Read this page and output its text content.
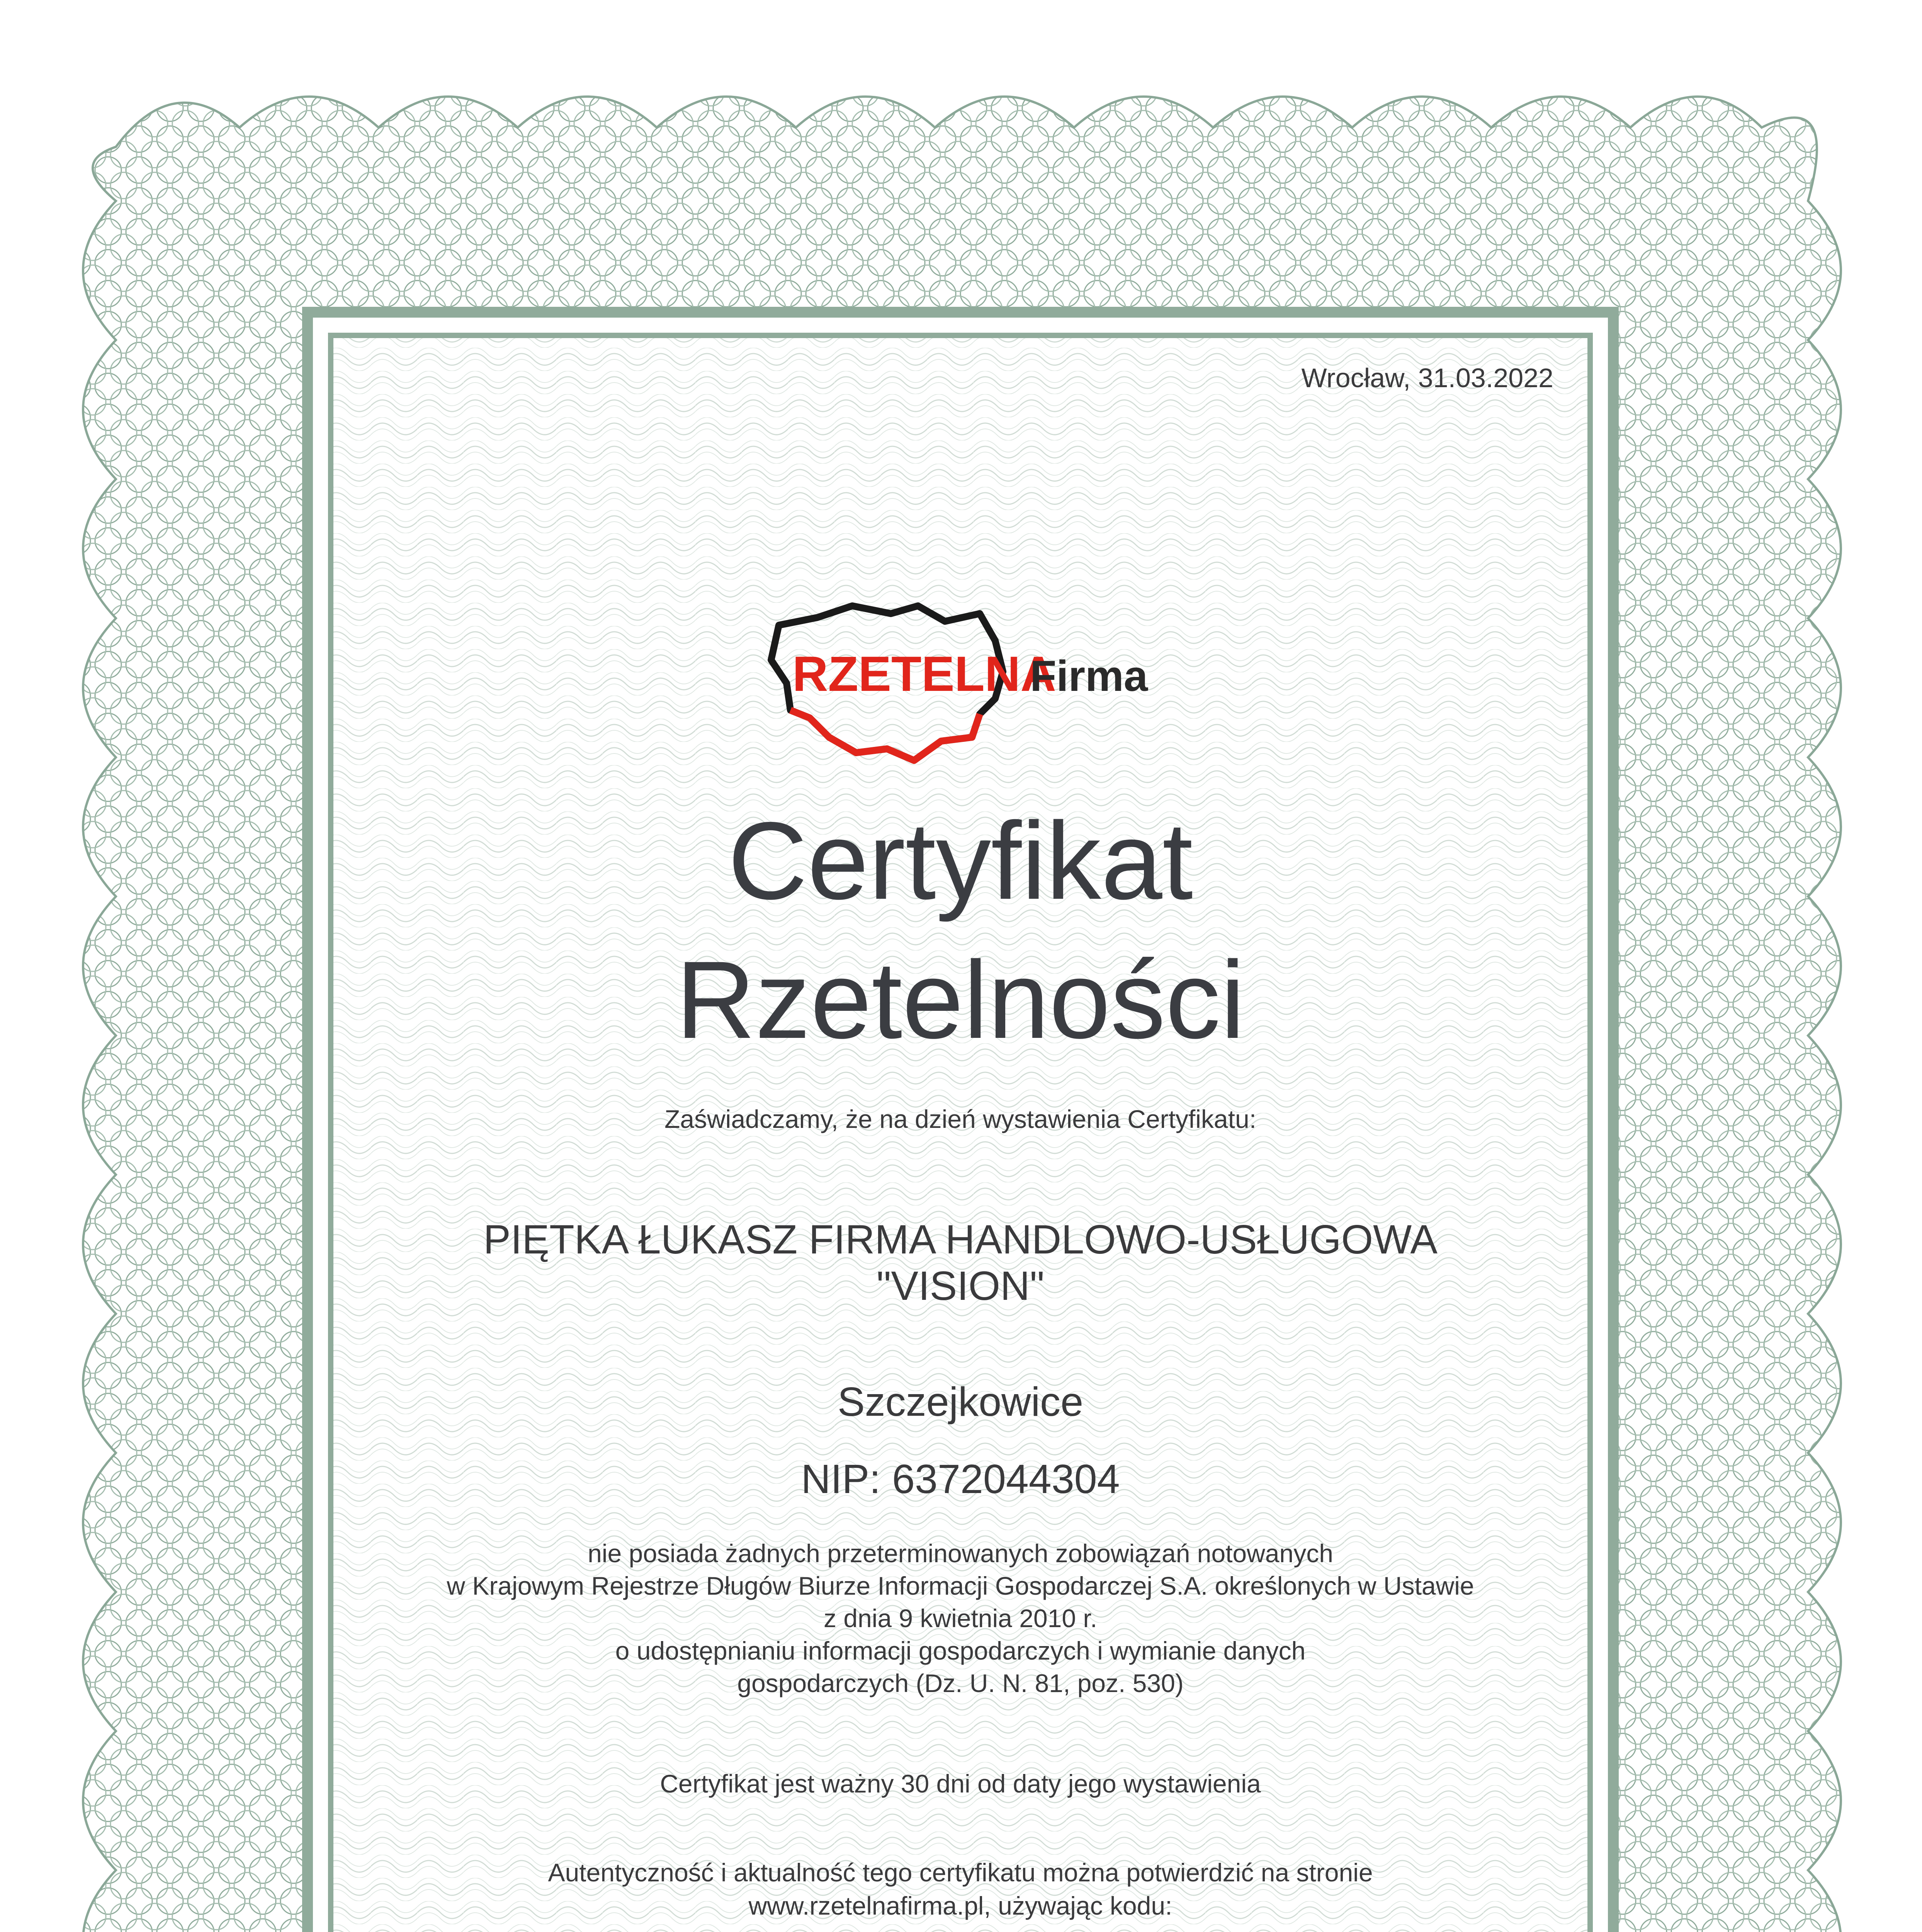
Wrocław, 31.03.2022
RZETELNA
Firma
Certyfikat
Rzetelności
Zaświadczamy, że na dzień wystawienia Certyfikatu:
PIĘTKA ŁUKASZ FIRMA HANDLOWO-USŁUGOWA
"VISION"
Szczejkowice
NIP: 6372044304
nie posiada żadnych przeterminowanych zobowiązań notowanych
w Krajowym Rejestrze Długów Biurze Informacji Gospodarczej S.A. określonych w Ustawie
z dnia 9 kwietnia 2010 r.
o udostępnianiu informacji gospodarczych i wymianie danych
gospodarczych (Dz. U. N. 81, poz. 530)
Certyfikat jest ważny 30 dni od daty jego wystawienia
Autentyczność i aktualność tego certyfikatu można potwierdzić na stronie
www.rzetelnafirma.pl, używając kodu:
